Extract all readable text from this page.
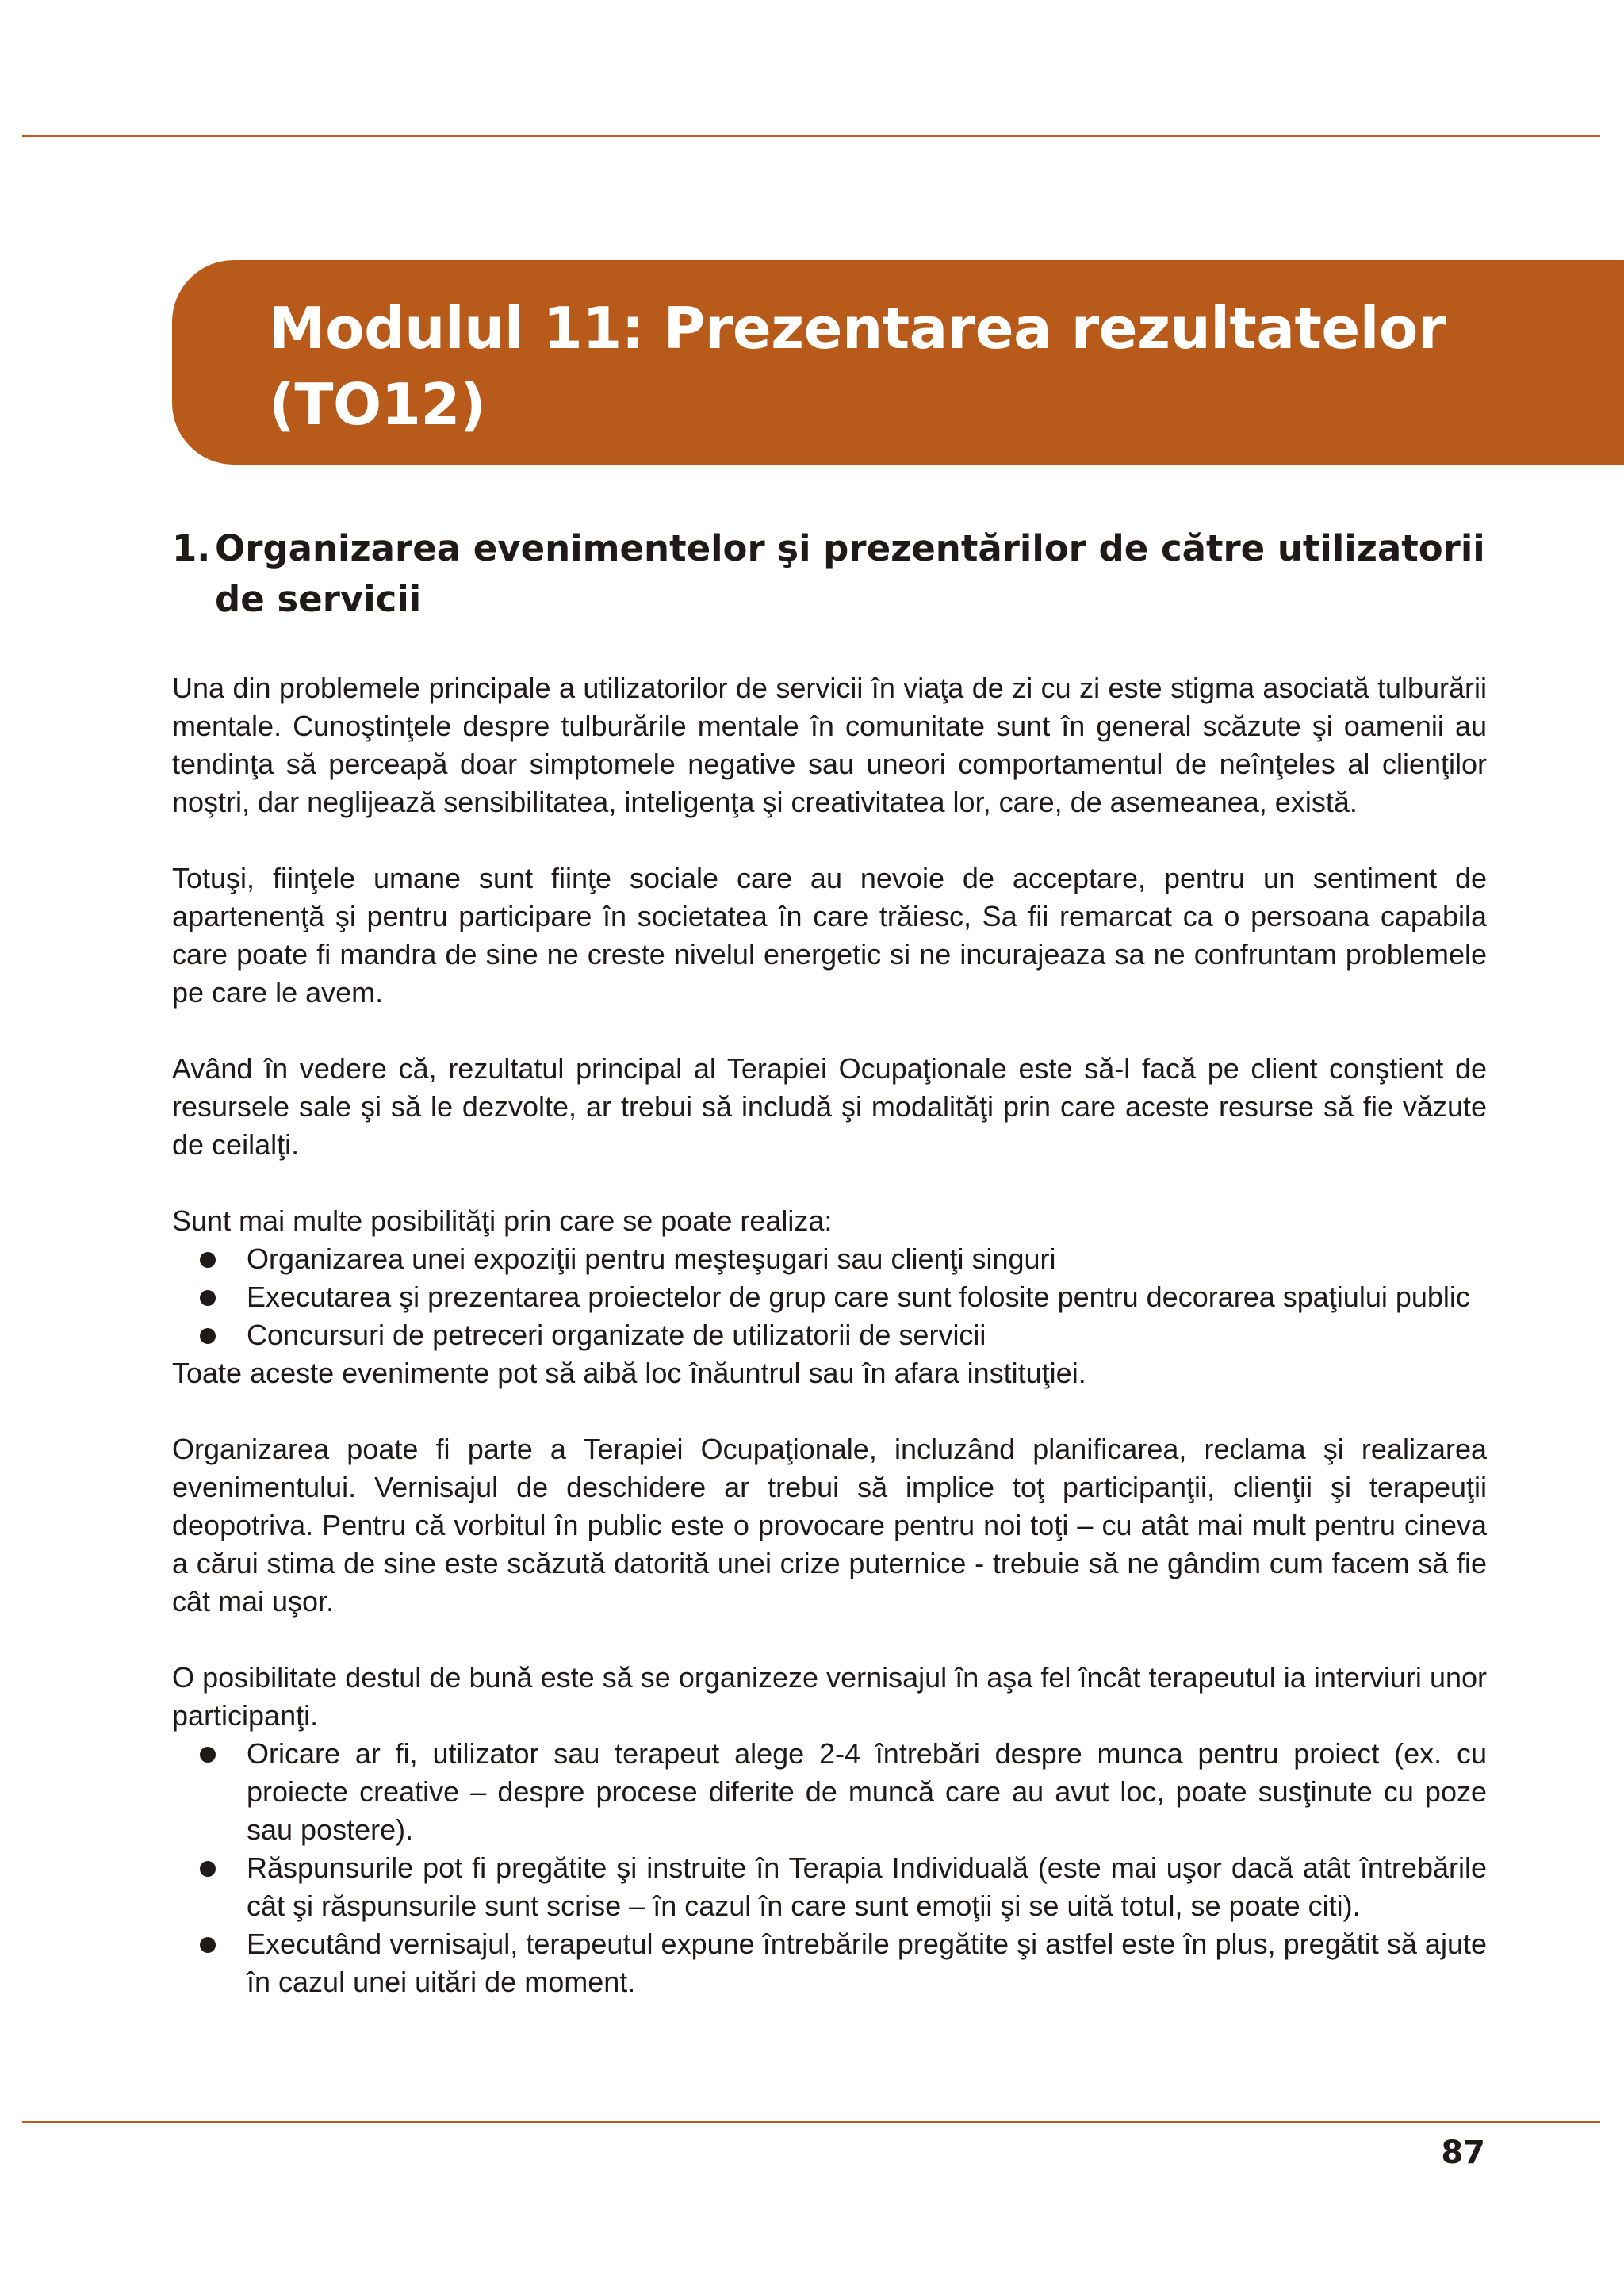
Modulul 11: Prezentarea rezultatelor
(TO12)
1. Organizarea evenimentelor şi prezentărilor de către utilizatorii de servicii

Una din problemele principale a utilizatorilor de servicii în viaţa de zi cu zi este stigma asociată tulburării mentale. Cunoştinţele despre tulburările mentale în comunitate sunt în general scăzute şi oamenii au tendinţa să perceapă doar simptomele negative sau uneori comportamentul de neînţeles al clienţilor noştri, dar neglijează sensibilitatea, inteligenţa şi creativitatea lor, care, de asemeanea, există.

Totuşi, fiinţele umane sunt fiinţe sociale care au nevoie de acceptare, pentru un sentiment de apartenenţă şi pentru participare în societatea în care trăiesc, Sa fii remarcat ca o persoana capabila care poate fi mandra de sine ne creste nivelul energetic si ne incurajeaza sa ne confruntam problemele pe care le avem.

Având în vedere că, rezultatul principal al Terapiei Ocupaţionale este să-l facă pe client conştient de resursele sale şi să le dezvolte, ar trebui să includă şi modalităţi prin care aceste resurse să fie văzute de ceilalţi.

Sunt mai multe posibilităţi prin care se poate realiza:

Organizarea unei expoziţii pentru meşteşugari sau clienţi singuri
Executarea şi prezentarea proiectelor de grup care sunt folosite pentru decorarea spaţiului public
Concursuri de petreceri organizate de utilizatorii de servicii

Toate aceste evenimente pot să aibă loc înăuntrul sau în afara instituţiei.

Organizarea poate fi parte a Terapiei Ocupaţionale, incluzând planificarea, reclama şi realizarea evenimentului. Vernisajul de deschidere ar trebui să implice toţ participanţii, clienţii şi terapeuţii deopotriva. Pentru că vorbitul în public este o provocare pentru noi toţi – cu atât mai mult pentru cineva a cărui stima de sine este scăzută datorită unei crize puternice - trebuie să ne gândim cum facem să fie cât mai uşor.

O posibilitate destul de bună este să se organizeze vernisajul în aşa fel încât terapeutul ia interviuri unor participanţi.

Oricare ar fi, utilizator sau terapeut alege 2-4 întrebări despre munca pentru proiect (ex. cu proiecte creative – despre procese diferite de muncă care au avut loc, poate susţinute cu poze sau postere).
Răspunsurile pot fi pregătite şi instruite în Terapia Individuală (este mai uşor dacă atât întrebările cât şi răspunsurile sunt scrise – în cazul în care sunt emoţii şi se uită totul, se poate citi).
Executând vernisajul, terapeutul expune întrebările pregătite şi astfel este în plus, pregătit să ajute în cazul unei uitări de moment.
87
